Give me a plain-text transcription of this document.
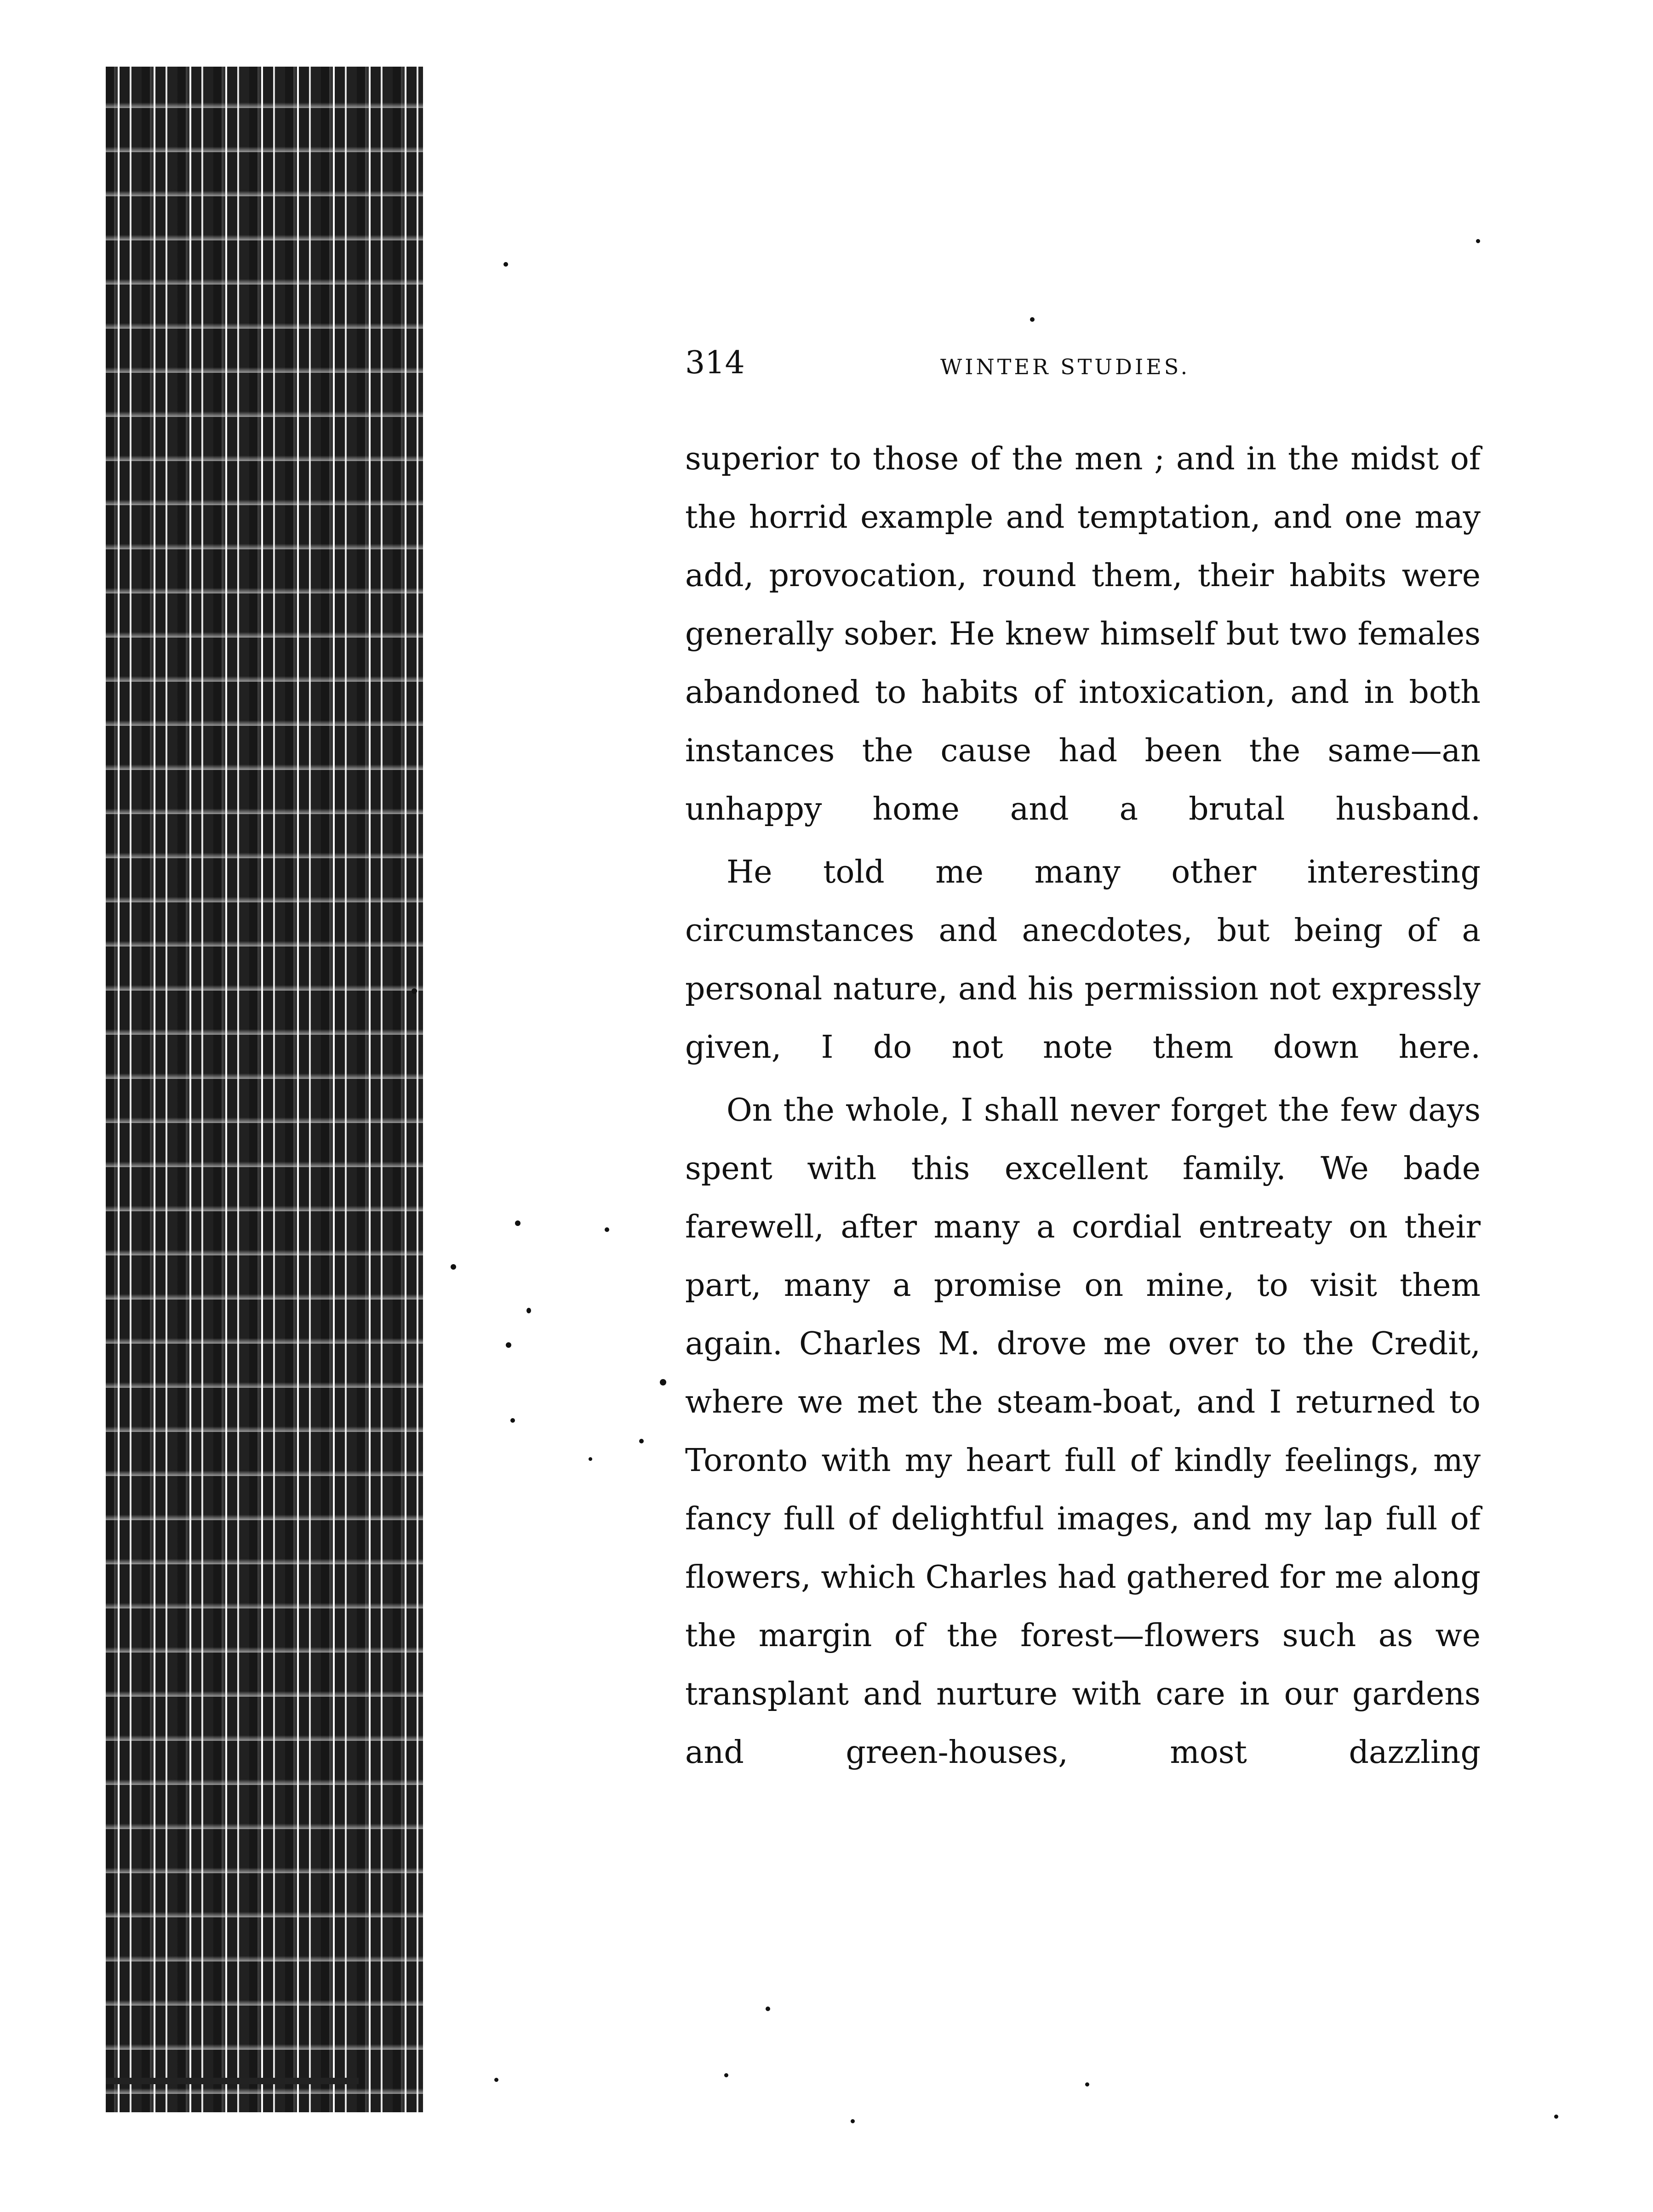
314	WINTER STUDIES.

superior to those of the men ; and in the midst of the horrid example and temptation, and one may add, provocation, round them, their habits were generally sober. He knew himself but two females abandoned to habits of intoxication, and in both instances the cause had been the same—an unhappy home and a brutal husband.

He told me many other interesting circumstances and anecdotes, but being of a personal nature, and his permission not expressly given, I do not note them down here.

On the whole, I shall never forget the few days spent with this excellent family. We bade farewell, after many a cordial entreaty on their part, many a promise on mine, to visit them again. Charles M. drove me over to the Credit, where we met the steam-boat, and I returned to Toronto with my heart full of kindly feelings, my fancy full of delightful images, and my lap full of flowers, which Charles had gathered for me along the margin of the forest—flowers such as we transplant and nurture with care in our gardens and green-houses, most dazzling
